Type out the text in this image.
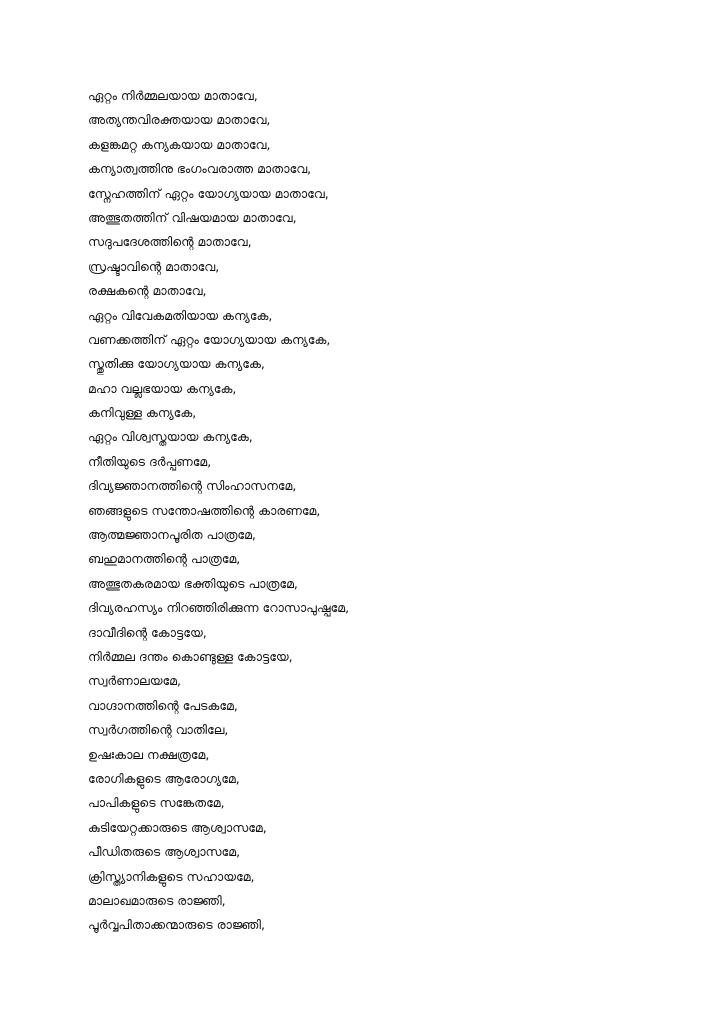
ഏറ്റം നിർമ്മലയായ മാതാവേ,
അത്യന്തവിരക്തയായ മാതാവേ,
കളങ്കമറ്റ കന്യകയായ മാതാവേ,
കന്യാത്വത്തിനു ഭംഗംവരാത്ത മാതാവേ,
സ്നേഹത്തിന് ഏറ്റം യോഗ്യയായ മാതാവേ,
അത്ഭുതത്തിന് വിഷയമായ മാതാവേ,
സദുപദേശത്തിന്റെ മാതാവേ,
സ്രഷ്ടാവിന്റെ മാതാവേ,
രക്ഷകന്റെ മാതാവേ,
ഏറ്റം വിവേകമതിയായ കന്യകേ,
വണക്കത്തിന് ഏറ്റം യോഗ്യയായ കന്യകേ,
സ്തുതിക്കു യോഗ്യയായ കന്യകേ,
മഹാ വല്ലഭയായ കന്യകേ,
കനിവുള്ള കന്യകേ,
ഏറ്റം വിശ്വസ്തയായ കന്യകേ,
നീതിയുടെ ദർപ്പണമേ,
ദിവ്യജ്ഞാനത്തിന്റെ സിംഹാസനമേ,
ഞങ്ങളുടെ സന്തോഷത്തിന്റെ കാരണമേ,
ആത്മജ്ഞാനപൂരിത പാത്രമേ,
ബഹുമാനത്തിന്റെ പാത്രമേ,
അത്ഭുതകരമായ ഭക്തിയുടെ പാത്രമേ,
ദിവ്യരഹസ്യം നിറഞ്ഞിരിക്കുന്ന റോസാപുഷ്പമേ,
ദാവീദിന്റെ കോട്ടയേ,
നിർമ്മല ദന്തം കൊണ്ടുള്ള കോട്ടയേ,
സ്വർണാലയമേ,
വാഗ്ദാനത്തിന്റെ പേടകമേ,
സ്വർഗത്തിന്റെ വാതിലേ,
ഉഷഃകാല നക്ഷത്രമേ,
രോഗികളുടെ ആരോഗ്യമേ,
പാപികളുടെ സങ്കേതമേ,
കുടിയേറ്റക്കാരുടെ ആശ്വാസമേ,
പീഡിതരുടെ ആശ്വാസമേ,
ക്രിസ്ത്യാനികളുടെ സഹായമേ,
മാലാഖമാരുടെ രാജ്ഞി,
പൂർവ്വപിതാക്കന്മാരുടെ രാജ്ഞി,
